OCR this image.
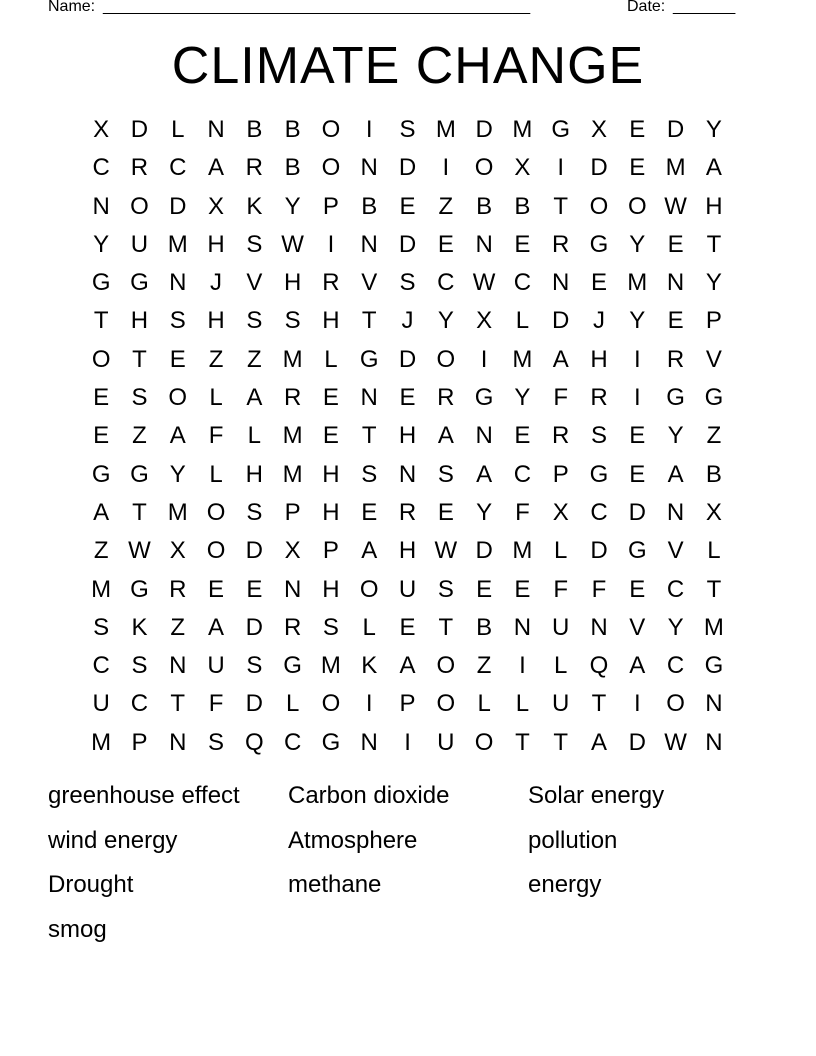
Name: ________________________________________________	Date: _______
CLIMATE CHANGE
X D L N B B O	I	S M D M G X E D Y
C R C A R B O N D	I	O X	I	D E M A
N O D X K Y P B E Z B B T O O W H
Y U M H S W I	N D E N E R G Y E T
G G N J	V H R V S C W C N E M N Y
T H S H S S H T	J	Y X L D J	Y E P
O T E Z Z M L G D O	I	M A H	I	R V
E S O L A R E N E R G Y F R	I	G G
E Z A F	L M E T H A N E R S E Y Z
G G Y L H M H S N S A C P G E A B
A T M O S P H E R E Y F X C D N X
Z W X O D X P A H W D M L D G V L
M G R E E N H O U S E E F F E C T
S K Z A D R S L E T B N U N V Y M
C S N U S G M K A O Z	I	L Q A C G
U C T F D L O	I	P O L	L U T	I	O N
M P N S Q C G N	I	U O T T A D W N
greenhouse effect	Carbon dioxide	Solar energy
wind energy	Atmosphere	pollution
Drought	methane	energy
smog
